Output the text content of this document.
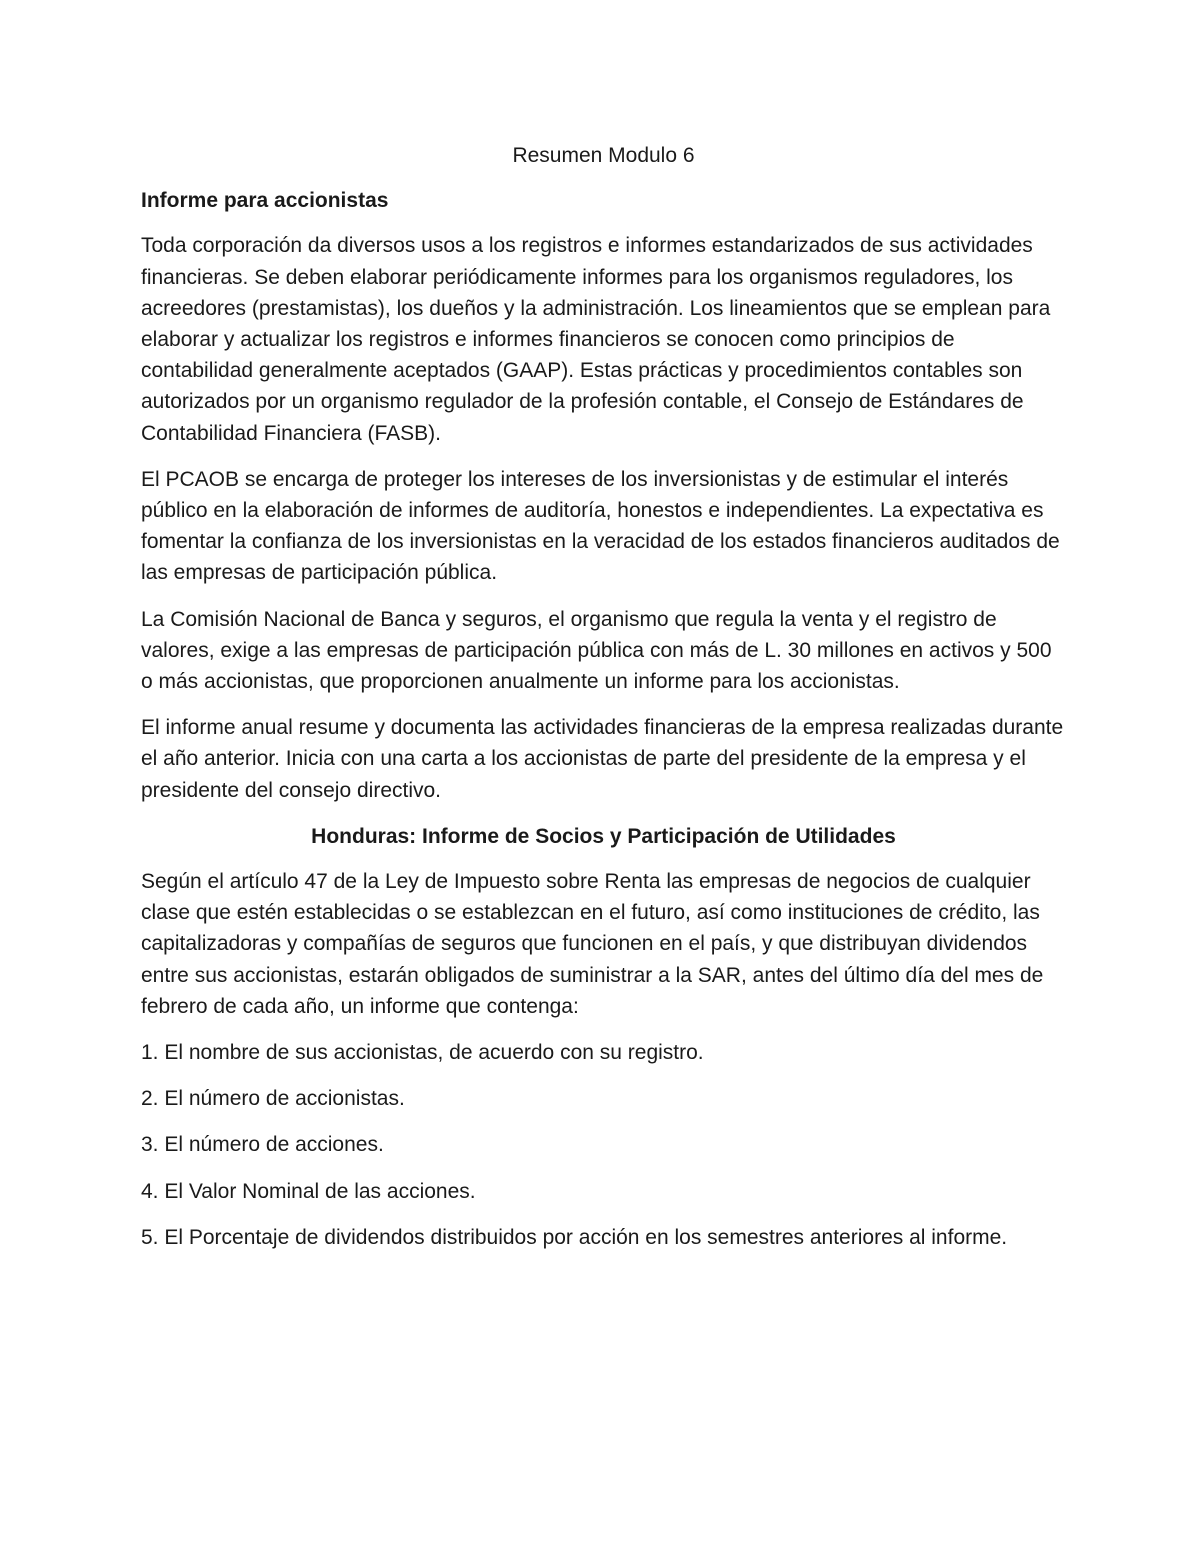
Resumen Modulo 6
Informe para accionistas

Toda corporación da diversos usos a los registros e informes estandarizados de sus actividades financieras. Se deben elaborar periódicamente informes para los organismos reguladores, los acreedores (prestamistas), los dueños y la administración. Los lineamientos que se emplean para elaborar y actualizar los registros e informes financieros se conocen como principios de contabilidad generalmente aceptados (GAAP). Estas prácticas y procedimientos contables son autorizados por un organismo regulador de la profesión contable, el Consejo de Estándares de Contabilidad Financiera (FASB).

El PCAOB se encarga de proteger los intereses de los inversionistas y de estimular el interés público en la elaboración de informes de auditoría, honestos e independientes. La expectativa es fomentar la confianza de los inversionistas en la veracidad de los estados financieros auditados de las empresas de participación pública.

La Comisión Nacional de Banca y seguros, el organismo que regula la venta y el registro de valores, exige a las empresas de participación pública con más de L. 30 millones en activos y 500 o más accionistas, que proporcionen anualmente un informe para los accionistas.

El informe anual resume y documenta las actividades financieras de la empresa realizadas durante el año anterior. Inicia con una carta a los accionistas de parte del presidente de la empresa y el presidente del consejo directivo.

Honduras: Informe de Socios y Participación de Utilidades

Según el artículo 47 de la Ley de Impuesto sobre Renta las empresas de negocios de cualquier clase que estén establecidas o se establezcan en el futuro, así como instituciones de crédito, las capitalizadoras y compañías de seguros que funcionen en el país, y que distribuyan dividendos entre sus accionistas, estarán obligados de suministrar a la SAR, antes del último día del mes de febrero de cada año, un informe que contenga:

1. El nombre de sus accionistas, de acuerdo con su registro.
2. El número de accionistas.
3. El número de acciones.
4. El Valor Nominal de las acciones.
5. El Porcentaje de dividendos distribuidos por acción en los semestres anteriores al informe.
